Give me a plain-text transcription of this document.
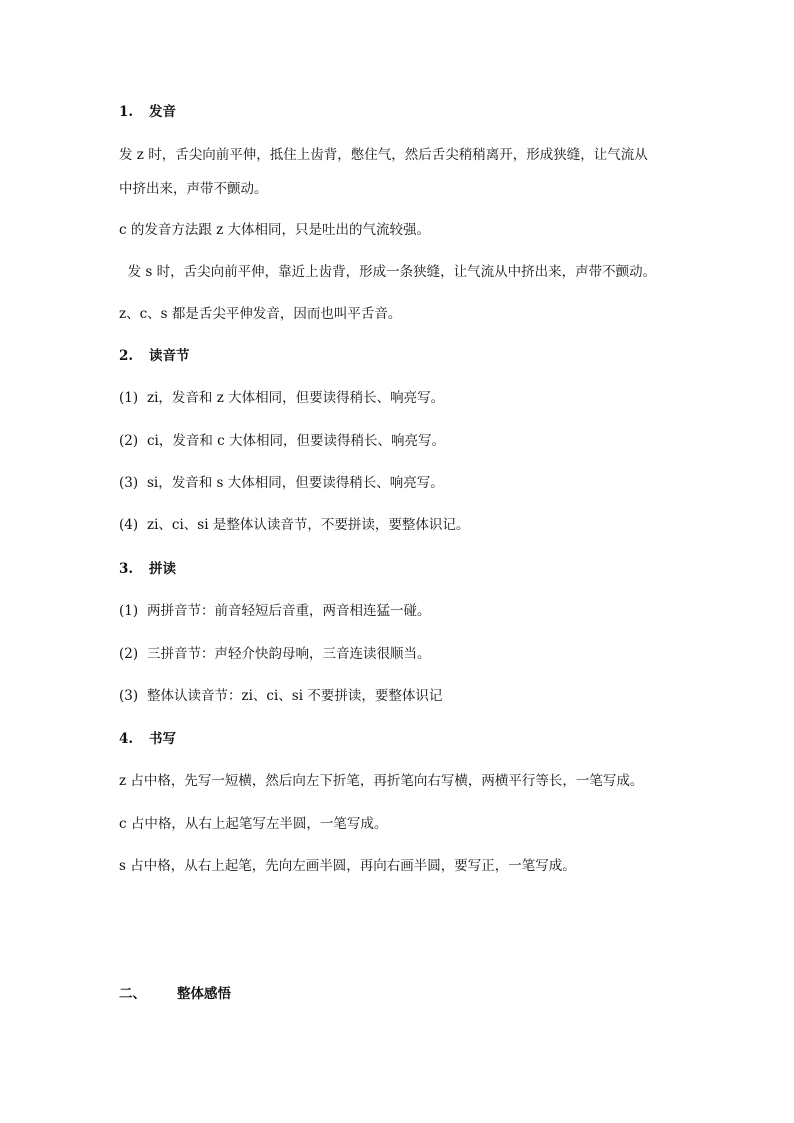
1. 发音
发 z 时，舌尖向前平伸，抵住上齿背，憋住气，然后舌尖稍稍离开，形成狭缝，让气流从
中挤出来，声带不颤动。
c 的发音方法跟 z 大体相同，只是吐出的气流较强。
发 s 时，舌尖向前平伸，靠近上齿背，形成一条狭缝，让气流从中挤出来，声带不颤动。
z、c、s 都是舌尖平伸发音，因而也叫平舌音。
2. 读音节
(1) zi，发音和 z 大体相同，但要读得稍长、响亮写。
(2) ci，发音和 c 大体相同，但要读得稍长、响亮写。
(3) si，发音和 s 大体相同，但要读得稍长、响亮写。
(4) zi、ci、si 是整体认读音节，不要拼读，要整体识记。
3. 拼读
(1) 两拼音节：前音轻短后音重，两音相连猛一碰。
(2) 三拼音节：声轻介快韵母响，三音连读很顺当。
(3) 整体认读音节：zi、ci、si 不要拼读，要整体识记
4. 书写
z 占中格，先写一短横，然后向左下折笔，再折笔向右写横，两横平行等长，一笔写成。
c 占中格，从右上起笔写左半圆，一笔写成。
s 占中格，从右上起笔，先向左画半圆，再向右画半圆，要写正，一笔写成。
二、 整体感悟
